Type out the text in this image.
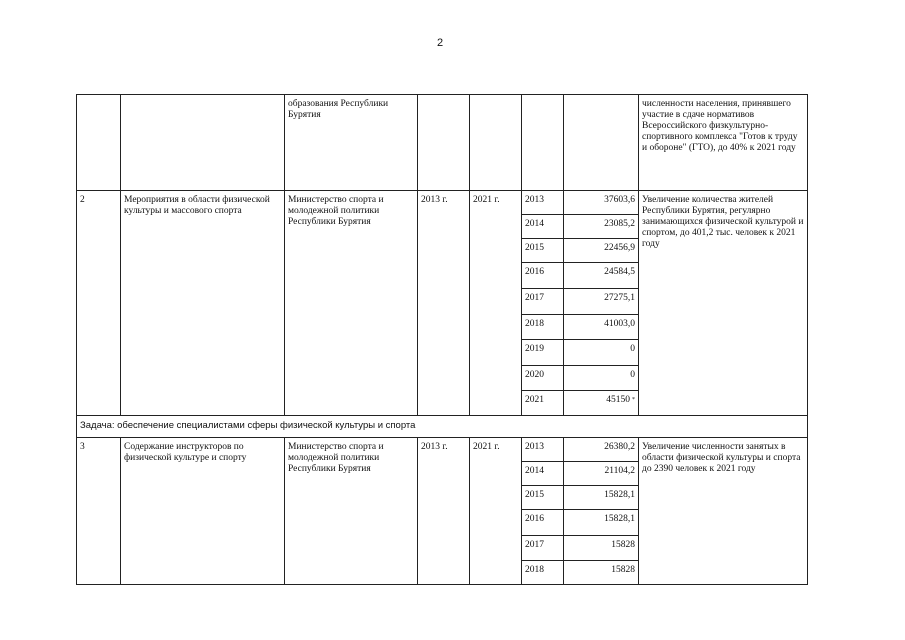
2
		образования Республики Бурятия					численности населения, принявшего участие в сдаче нормативов Всероссийского физкультурно-спортивного комплекса "Готов к труду и обороне" (ГТО), до 40% к 2021 году
2	Мероприятия в области физической культуры и массового спорта	Министерство спорта и молодежной политики Республики Бурятия	2013 г.	2021 г.	2013	37603,6	Увеличение количества жителей Республики Бурятия, регулярно занимающихся физической культурой и спортом, до 401,2 тыс. человек к 2021 году
					2014	23085,2	
					2015	22456,9	
					2016	24584,5	
					2017	27275,1	
					2018	41003,0	
					2019	0	
					2020	0	
					2021	45150 *
Задача: обеспечение специалистами сферы физической культуры и спорта							
3	Содержание инструкторов по физической культуре и спорту	Министерство спорта и молодежной политики Республики Бурятия	2013 г.	2021 г.	2013	26380,2	Увеличение численности занятых в области физической культуры и спорта до 2390 человек к 2021 году
					2014	21104,2	
					2015	15828,1	
					2016	15828,1	
					2017	15828	
					2018	15828	
